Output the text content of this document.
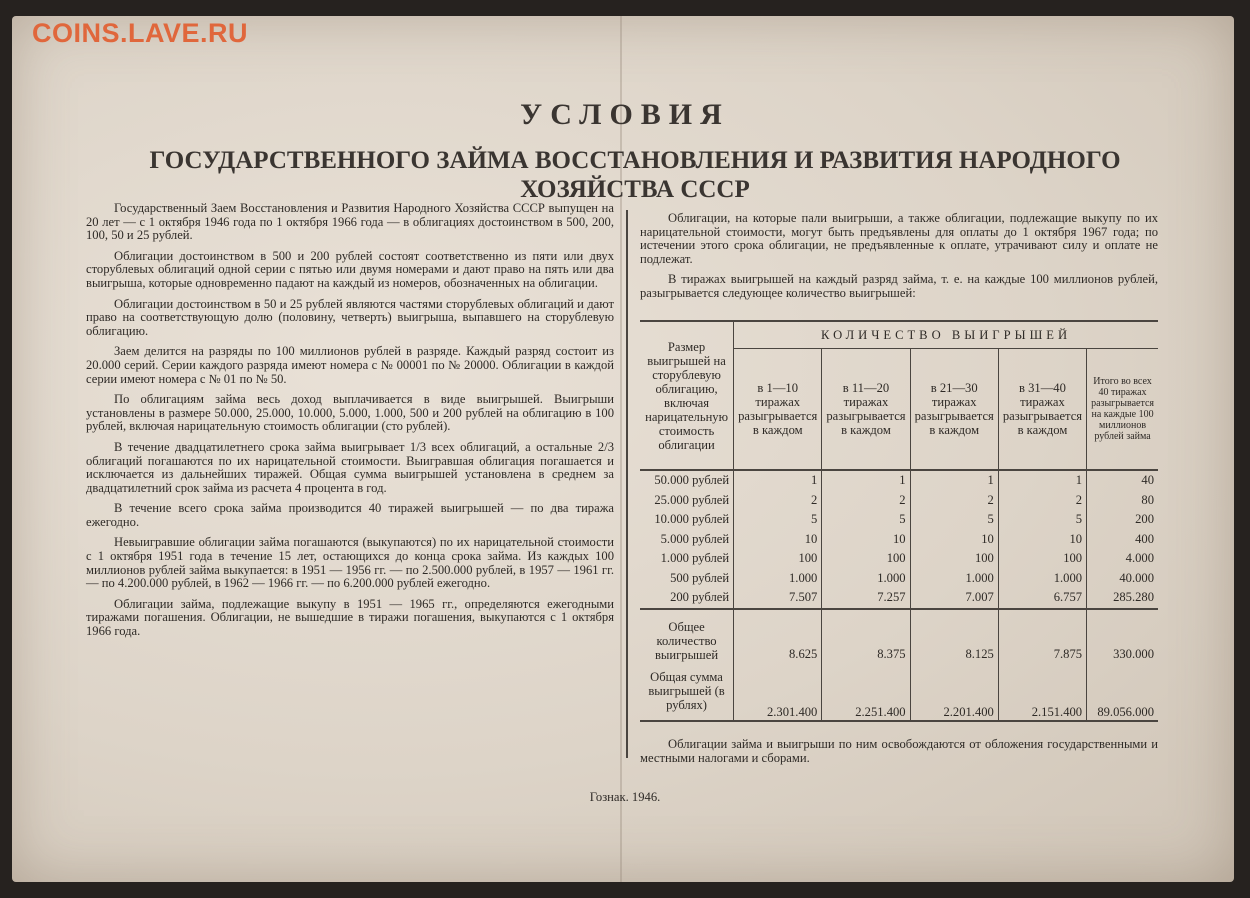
COINS.LAVE.RU
УСЛОВИЯ
ГОСУДАРСТВЕННОГО ЗАЙМА ВОССТАНОВЛЕНИЯ И РАЗВИТИЯ НАРОДНОГО ХОЗЯЙСТВА СССР

Государственный Заем Восстановления и Развития Народного Хозяйства СССР выпущен на 20 лет — с 1 октября 1946 года по 1 октября 1966 года — в облигациях достоинством в 500, 200, 100, 50 и 25 рублей.

Облигации достоинством в 500 и 200 рублей состоят соответственно из пяти или двух сторублевых облигаций одной серии с пятью или двумя номерами и дают право на пять или два выигрыша, которые одновременно падают на каждый из номеров, обозначенных на облигации.

Облигации достоинством в 50 и 25 рублей являются частями сторублевых облигаций и дают право на соответствующую долю (половину, четверть) выигрыша, выпавшего на сторублевую облигацию.

Заем делится на разряды по 100 миллионов рублей в разряде. Каждый разряд состоит из 20.000 серий. Серии каждого разряда имеют номера с № 00001 по № 20000. Облигации в каждой серии имеют номера с № 01 по № 50.

По облигациям займа весь доход выплачивается в виде выигрышей. Выигрыши установлены в размере 50.000, 25.000, 10.000, 5.000, 1.000, 500 и 200 рублей на облигацию в 100 рублей, включая нарицательную стоимость облигации (сто рублей).

В течение двадцатилетнего срока займа выигрывает 1/3 всех облигаций, а остальные 2/3 облигаций погашаются по их нарицательной стоимости. Выигравшая облигация погашается и исключается из дальнейших тиражей. Общая сумма выигрышей установлена в среднем за двадцатилетний срок займа из расчета 4 процента в год.

В течение всего срока займа производится 40 тиражей выигрышей — по два тиража ежегодно.

Невыигравшие облигации займа погашаются (выкупаются) по их нарицательной стоимости с 1 октября 1951 года в течение 15 лет, остающихся до конца срока займа. Из каждых 100 миллионов рублей займа выкупается: в 1951 — 1956 гг. — по 2.500.000 рублей, в 1957 — 1961 гг. — по 4.200.000 рублей, в 1962 — 1966 гг. — по 6.200.000 рублей ежегодно.

Облигации займа, подлежащие выкупу в 1951 — 1965 гг., определяются ежегодными тиражами погашения. Облигации, не вышедшие в тиражи погашения, выкупаются с 1 октября 1966 года.

Облигации, на которые пали выигрыши, а также облигации, подлежащие выкупу по их нарицательной стоимости, могут быть предъявлены для оплаты до 1 октября 1967 года; по истечении этого срока облигации, не предъявленные к оплате, утрачивают силу и оплате не подлежат.

В тиражах выигрышей на каждый разряд займа, т. е. на каждые 100 миллионов рублей, разыгрывается следующее количество выигрышей:

Размер выигрышей на сторублевую облигацию, включая нарицательную стоимость облигации	КОЛИЧЕСТВО ВЫИГРЫШЕЙ				
	в 1—10 тиражах разыгрывается в каждом	в 11—20 тиражах разыгрывается в каждом	в 21—30 тиражах разыгрывается в каждом	в 31—40 тиражах разыгрывается в каждом	Итого во всех 40 тиражах разыгрывается на каждые 100 миллионов рублей займа
50.000 рублей	1	1	1	1	40
25.000 рублей	2	2	2	2	80
10.000 рублей	5	5	5	5	200
5.000 рублей	10	10	10	10	400
1.000 рублей	100	100	100	100	4.000
500 рублей	1.000	1.000	1.000	1.000	40.000
200 рублей	7.507	7.257	7.007	6.757	285.280
Общее количество выигрышей	8.625	8.375	8.125	7.875	330.000
Общая сумма выигрышей (в рублях)	2.301.400	2.251.400	2.201.400	2.151.400	89.056.000
Облигации займа и выигрыши по ним освобождаются от обложения государственными и местными налогами и сборами.
Гознак. 1946.
